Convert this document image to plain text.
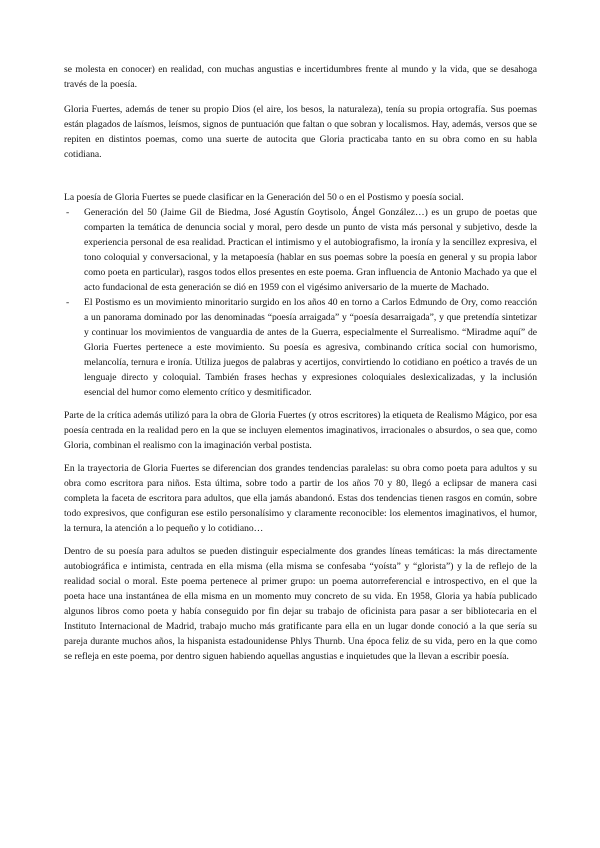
se molesta en conocer) en realidad, con muchas angustias e incertidumbres frente al mundo y la vida, que se desahoga través de la poesía.

Gloria Fuertes, además de tener su propio Dios (el aire, los besos, la naturaleza), tenía su propia ortografía. Sus poemas están plagados de laísmos, leísmos, signos de puntuación que faltan o que sobran y localismos. Hay, además, versos que se repiten en distintos poemas, como una suerte de autocita que Gloria practicaba tanto en su obra como en su habla cotidiana.

La poesía de Gloria Fuertes se puede clasificar en la Generación del 50 o en el Postismo y poesía social.

- Generación del 50 (Jaime Gil de Biedma, José Agustín Goytisolo, Ángel González…) es un grupo de poetas que comparten la temática de denuncia social y moral, pero desde un punto de vista más personal y subjetivo, desde la experiencia personal de esa realidad. Practican el intimismo y el autobiografismo, la ironía y la sencillez expresiva, el tono coloquial y conversacional, y la metapoesía (hablar en sus poemas sobre la poesía en general y su propia labor como poeta en particular), rasgos todos ellos presentes en este poema. Gran influencia de Antonio Machado ya que el acto fundacional de esta generación se dió en 1959 con el vigésimo aniversario de la muerte de Machado.
- El Postismo es un movimiento minoritario surgido en los años 40 en torno a Carlos Edmundo de Ory, como reacción a un panorama dominado por las denominadas “poesía arraigada” y “poesía desarraigada”, y que pretendía sintetizar y continuar los movimientos de vanguardia de antes de la Guerra, especialmente el Surrealismo. “Miradme aquí” de Gloria Fuertes pertenece a este movimiento. Su poesía es agresiva, combinando crítica social con humorismo, melancolía, ternura e ironía. Utiliza juegos de palabras y acertijos, convirtiendo lo cotidiano en poético a través de un lenguaje directo y coloquial. También frases hechas y expresiones coloquiales deslexicalizadas, y la inclusión esencial del humor como elemento crítico y desmitificador.

Parte de la crítica además utilizó para la obra de Gloria Fuertes (y otros escritores) la etiqueta de Realismo Mágico, por esa poesía centrada en la realidad pero en la que se incluyen elementos imaginativos, irracionales o absurdos, o sea que, como Gloria, combinan el realismo con la imaginación verbal postista.

En la trayectoria de Gloria Fuertes se diferencian dos grandes tendencias paralelas: su obra como poeta para adultos y su obra como escritora para niños. Esta última, sobre todo a partir de los años 70 y 80, llegó a eclipsar de manera casi completa la faceta de escritora para adultos, que ella jamás abandonó. Estas dos tendencias tienen rasgos en común, sobre todo expresivos, que configuran ese estilo personalísimo y claramente reconocible: los elementos imaginativos, el humor, la ternura, la atención a lo pequeño y lo cotidiano…

Dentro de su poesía para adultos se pueden distinguir especialmente dos grandes líneas temáticas: la más directamente autobiográfica e intimista, centrada en ella misma (ella misma se confesaba “yoísta” y “glorista”) y la de reflejo de la realidad social o moral. Este poema pertenece al primer grupo: un poema autorreferencial e introspectivo, en el que la poeta hace una instantánea de ella misma en un momento muy concreto de su vida. En 1958, Gloria ya había publicado algunos libros como poeta y había conseguido por fin dejar su trabajo de oficinista para pasar a ser bibliotecaria en el Instituto Internacional de Madrid, trabajo mucho más gratificante para ella en un lugar donde conoció a la que sería su pareja durante muchos años, la hispanista estadounidense Phlys Thurnb. Una época feliz de su vida, pero en la que como se refleja en este poema, por dentro siguen habiendo aquellas angustias e inquietudes que la llevan a escribir poesía.
